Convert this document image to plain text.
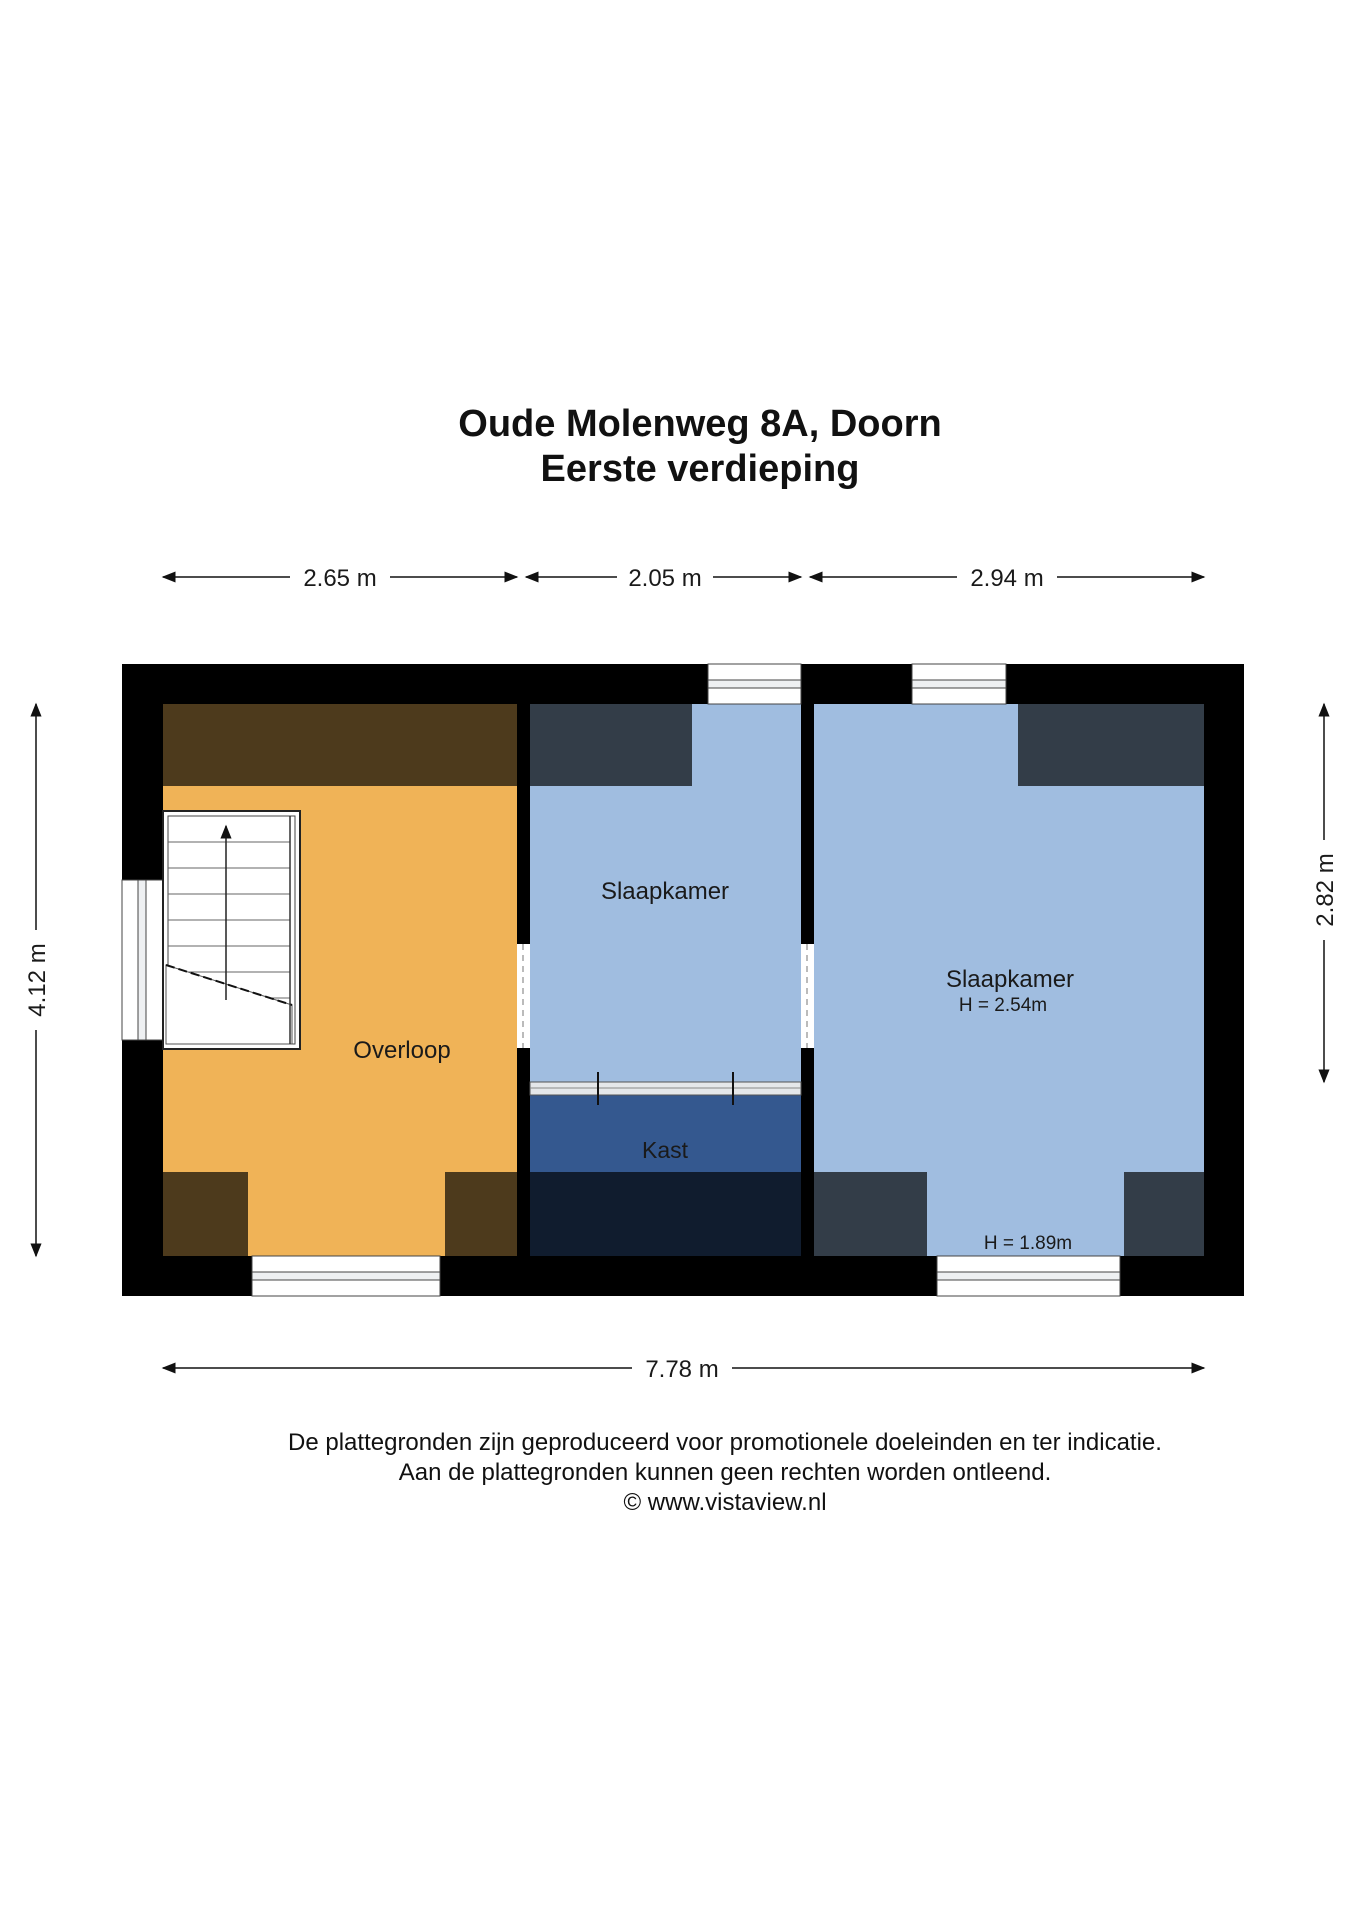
Oude Molenweg 8A, Doorn
Eerste verdieping
Overloop
Slaapkamer
Slaapkamer
H = 2.54m
Kast
H = 1.89m
2.65 m	2.05 m	2.94 m
4.12 m
2.82 m
7.78 m
De plattegronden zijn geproduceerd voor promotionele doeleinden en ter indicatie.
Aan de plattegronden kunnen geen rechten worden ontleend.
© www.vistaview.nl
